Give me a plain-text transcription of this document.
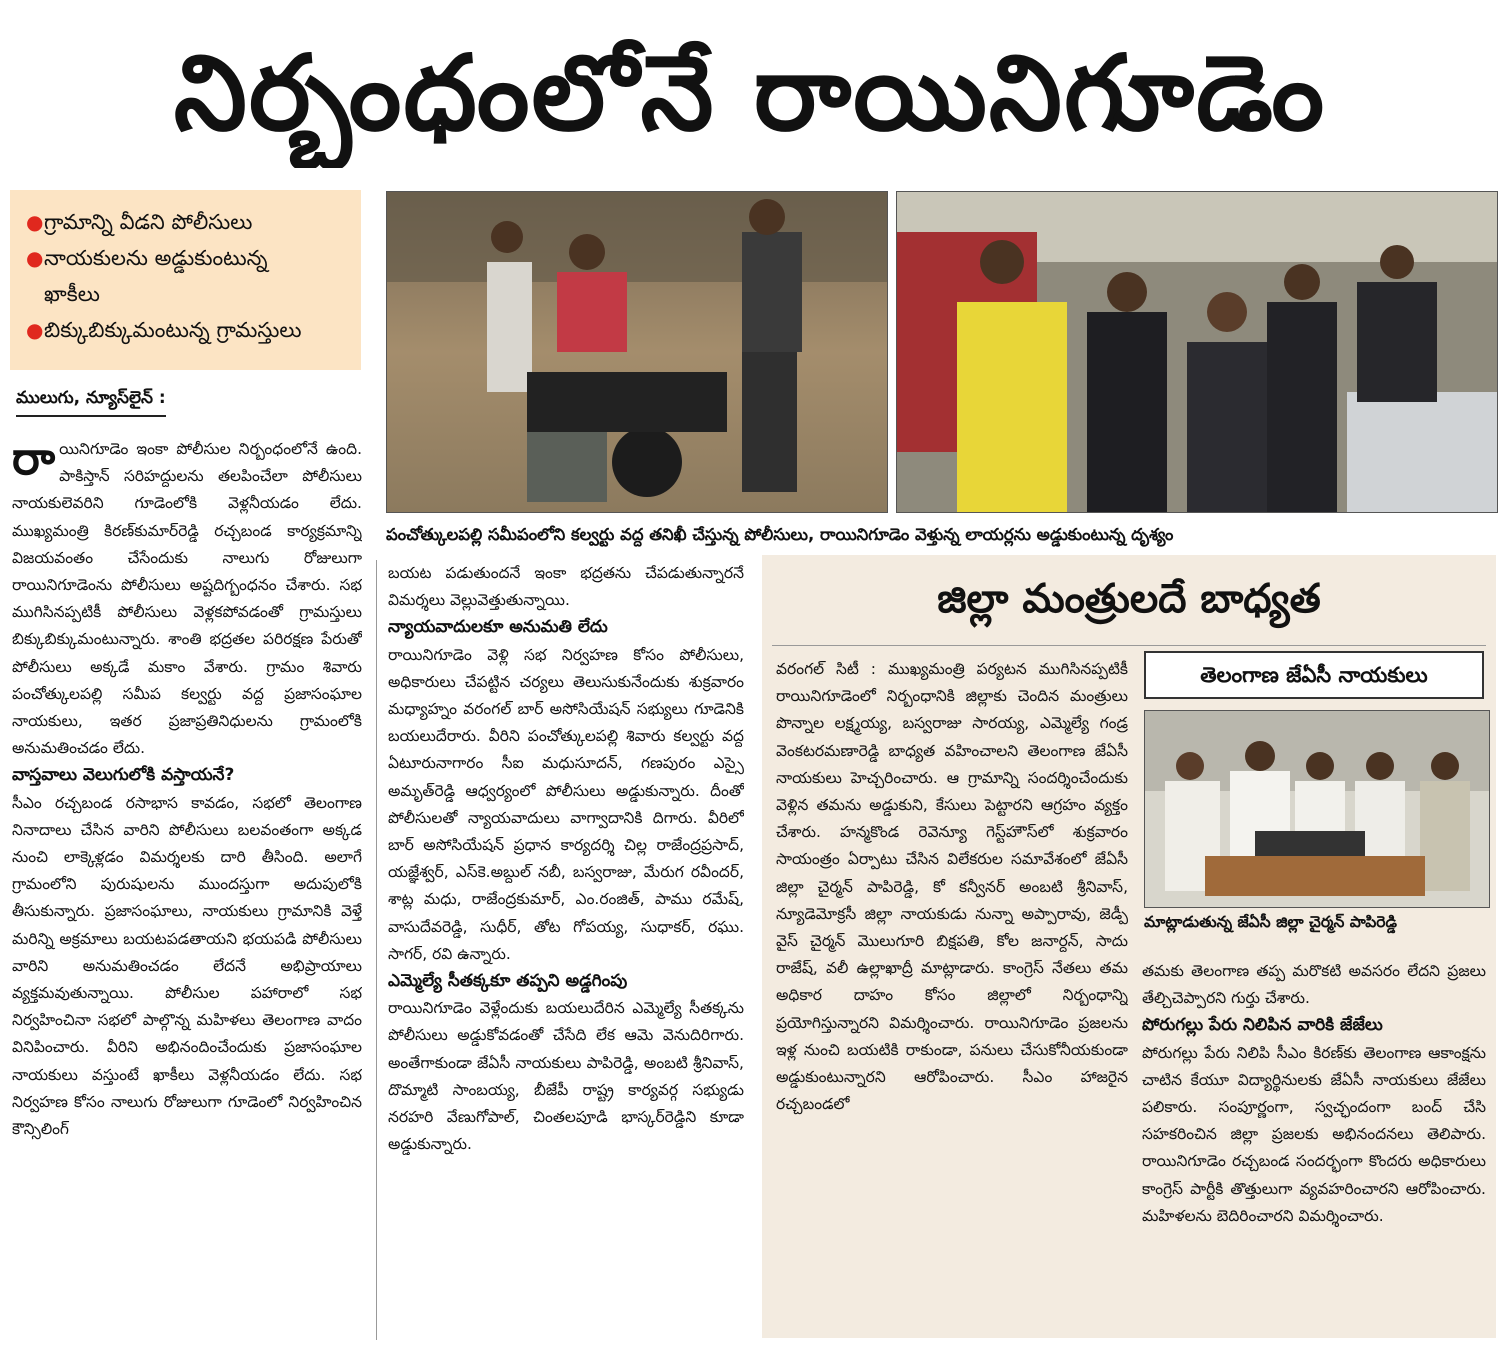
నిర్బంధంలోనే రాయినిగూడెం
● గ్రామాన్ని వీడని పోలీసులు
● నాయకులను అడ్డుకుంటున్న ఖాకీలు
● బిక్కుబిక్కుమంటున్న గ్రామస్తులు
ములుగు, న్యూస్‌లైన్ :

రాయినిగూడెం ఇంకా పోలీసుల నిర్బంధంలోనే ఉంది. పాకిస్తాన్ సరిహద్దులను తలపించేలా పోలీసులు నాయకులెవరిని గూడెంలోకి వెళ్లనీయడం లేదు. ముఖ్యమంత్రి కిరణ్‌కుమార్‌రెడ్డి రచ్చబండ కార్యక్రమాన్ని విజయవంతం చేసేందుకు నాలుగు రోజులుగా రాయినిగూడెంను పోలీసులు అష్టదిగ్బంధనం చేశారు. సభ ముగిసినప్పటికీ పోలీసులు వెళ్లకపోవడంతో గ్రామస్తులు బిక్కుబిక్కుమంటున్నారు. శాంతి భద్రతల పరిరక్షణ పేరుతో పోలీసులు అక్కడే మకాం వేశారు. గ్రామం శివారు పంచోత్కులపల్లి సమీప కల్వర్టు వద్ద ప్రజాసంఘాల నాయకులు, ఇతర ప్రజాప్రతినిధులను గ్రామంలోకి అనుమతించడం లేదు.

వాస్తవాలు వెలుగులోకి వస్తాయనే?

సీఎం రచ్చబండ రసాభాస కావడం, సభలో తెలంగాణ నినాదాలు చేసిన వారిని పోలీసులు బలవంతంగా అక్కడ నుంచి లాక్కెళ్లడం విమర్శలకు దారి తీసింది. అలాగే గ్రామంలోని పురుషులను ముందస్తుగా అదుపులోకి తీసుకున్నారు. ప్రజాసంఘాలు, నాయకులు గ్రామానికి వెళ్తే మరిన్ని అక్రమాలు బయటపడతాయని భయపడి పోలీసులు వారిని అనుమతించడం లేదనే అభిప్రాయాలు వ్యక్తమవుతున్నాయి. పోలీసుల పహారాలో సభ నిర్వహించినా సభలో పాల్గొన్న మహిళలు తెలంగాణ వాదం వినిపించారు. వీరిని అభినందించేందుకు ప్రజాసంఘాల నాయకులు వస్తుంటే ఖాకీలు వెళ్లనీయడం లేదు. సభ నిర్వహణ కోసం నాలుగు రోజులుగా గూడెంలో నిర్వహించిన కౌన్సిలింగ్

పంచోత్కులపల్లి సమీపంలోని కల్వర్టు వద్ద తనిఖీ చేస్తున్న పోలీసులు, రాయినిగూడెం వెళ్తున్న లాయర్లను అడ్డుకుంటున్న దృశ్యం

బయట పడుతుందనే ఇంకా భద్రతను చేపడుతున్నారనే విమర్శలు వెల్లువెత్తుతున్నాయి.

న్యాయవాదులకూ అనుమతి లేదు

రాయినిగూడెం వెళ్లి సభ నిర్వహణ కోసం పోలీసులు, అధికారులు చేపట్టిన చర్యలు తెలుసుకునేందుకు శుక్రవారం మధ్యాహ్నం వరంగల్ బార్ అసోసియేషన్ సభ్యులు గూడెనికి బయలుదేరారు. వీరిని పంచోత్కులపల్లి శివారు కల్వర్టు వద్ద ఏటూరునాగారం సీఐ మధుసూదన్, గణపురం ఎస్సై అమృత్‌రెడ్డి ఆధ్వర్యంలో పోలీసులు అడ్డుకున్నారు. దీంతో పోలీసులతో న్యాయవాదులు వాగ్వాదానికి దిగారు. వీరిలో బార్ అసోసియేషన్ ప్రధాన కార్యదర్శి చిల్ల రాజేంద్రప్రసాద్, యజ్ఞేశ్వర్, ఎస్‌కె.అబ్దుల్ నబీ, బస్వరాజు, మేరుగ రవీందర్, శాట్ల మధు, రాజేంద్రకుమార్, ఎం.రంజిత్, పాము రమేష్, వాసుదేవరెడ్డి, సుధీర్, తోట గోపయ్య, సుధాకర్, రఘు. సాగర్, రవి ఉన్నారు.

ఎమ్మెల్యే సీతక్కకూ తప్పని అడ్డగింపు

రాయినిగూడెం వెళ్లేందుకు బయలుదేరిన ఎమ్మెల్యే సీతక్కను పోలీసులు అడ్డుకోవడంతో చేసేది లేక ఆమె వెనుదిరిగారు. అంతేగాకుండా జేఏసీ నాయకులు పాపిరెడ్డి, అంబటి శ్రీనివాస్, దొమ్మాటి సాంబయ్య, బీజేపీ రాష్ట్ర కార్యవర్గ సభ్యుడు నరహరి వేణుగోపాల్, చింతలపూడి భాస్కర్‌రెడ్డిని కూడా అడ్డుకున్నారు.

జిల్లా మంత్రులదే బాధ్యత

వరంగల్ సిటీ : ముఖ్యమంత్రి పర్యటన ముగిసినప్పటికీ రాయినిగూడెంలో నిర్బంధానికి జిల్లాకు చెందిన మంత్రులు పొన్నాల లక్ష్మయ్య, బస్వరాజు సారయ్య, ఎమ్మెల్యే గండ్ర వెంకటరమణారెడ్డి బాధ్యత వహించాలని తెలంగాణ జేఏసీ నాయకులు హెచ్చరించారు. ఆ గ్రామాన్ని సందర్శించేందుకు వెళ్లిన తమను అడ్డుకుని, కేసులు పెట్టారని ఆగ్రహం వ్యక్తం చేశారు. హన్మకొండ రెవెన్యూ గెస్ట్‌హౌస్‌లో శుక్రవారం సాయంత్రం ఏర్పాటు చేసిన విలేకరుల సమావేశంలో జేఏసీ జిల్లా చైర్మన్ పాపిరెడ్డి, కో కన్వీనర్ అంబటి శ్రీనివాస్, న్యూడెమోక్రసీ జిల్లా నాయకుడు నున్నా అప్పారావు, జెడ్పీ వైస్ చైర్మన్ మొలుగూరి బిక్షపతి, కోల జనార్దన్, సాదు రాజేష్, వలీ ఉల్లాఖాద్రీ మాట్లాడారు. కాంగ్రెస్ నేతలు తమ అధికార దాహం కోసం జిల్లాలో నిర్బంధాన్ని ప్రయోగిస్తున్నారని విమర్శించారు. రాయినిగూడెం ప్రజలను ఇళ్ల నుంచి బయటికి రాకుండా, పనులు చేసుకోనీయకుండా అడ్డుకుంటున్నారని ఆరోపించారు. సీఎం హాజరైన రచ్చబండలో

తెలంగాణ జేఏసీ నాయకులు
మాట్లాడుతున్న జేఏసీ జిల్లా చైర్మన్ పాపిరెడ్డి

తమకు తెలంగాణ తప్ప మరొకటి అవసరం లేదని ప్రజలు తేల్చిచెప్పారని గుర్తు చేశారు.

పోరుగల్లు పేరు నిలిపిన వారికి జేజేలు

పోరుగల్లు పేరు నిలిపి సీఎం కిరణ్‌కు తెలంగాణ ఆకాంక్షను చాటిన కేయూ విద్యార్థినులకు జేఏసీ నాయకులు జేజేలు పలికారు. సంపూర్ణంగా, స్వచ్ఛందంగా బంద్ చేసి సహకరించిన జిల్లా ప్రజలకు అభినందనలు తెలిపారు. రాయినిగూడెం రచ్చబండ సందర్భంగా కొందరు అధికారులు కాంగ్రెస్ పార్టీకి తొత్తులుగా వ్యవహరించారని ఆరోపించారు. మహిళలను బెదిరించారని విమర్శించారు.
